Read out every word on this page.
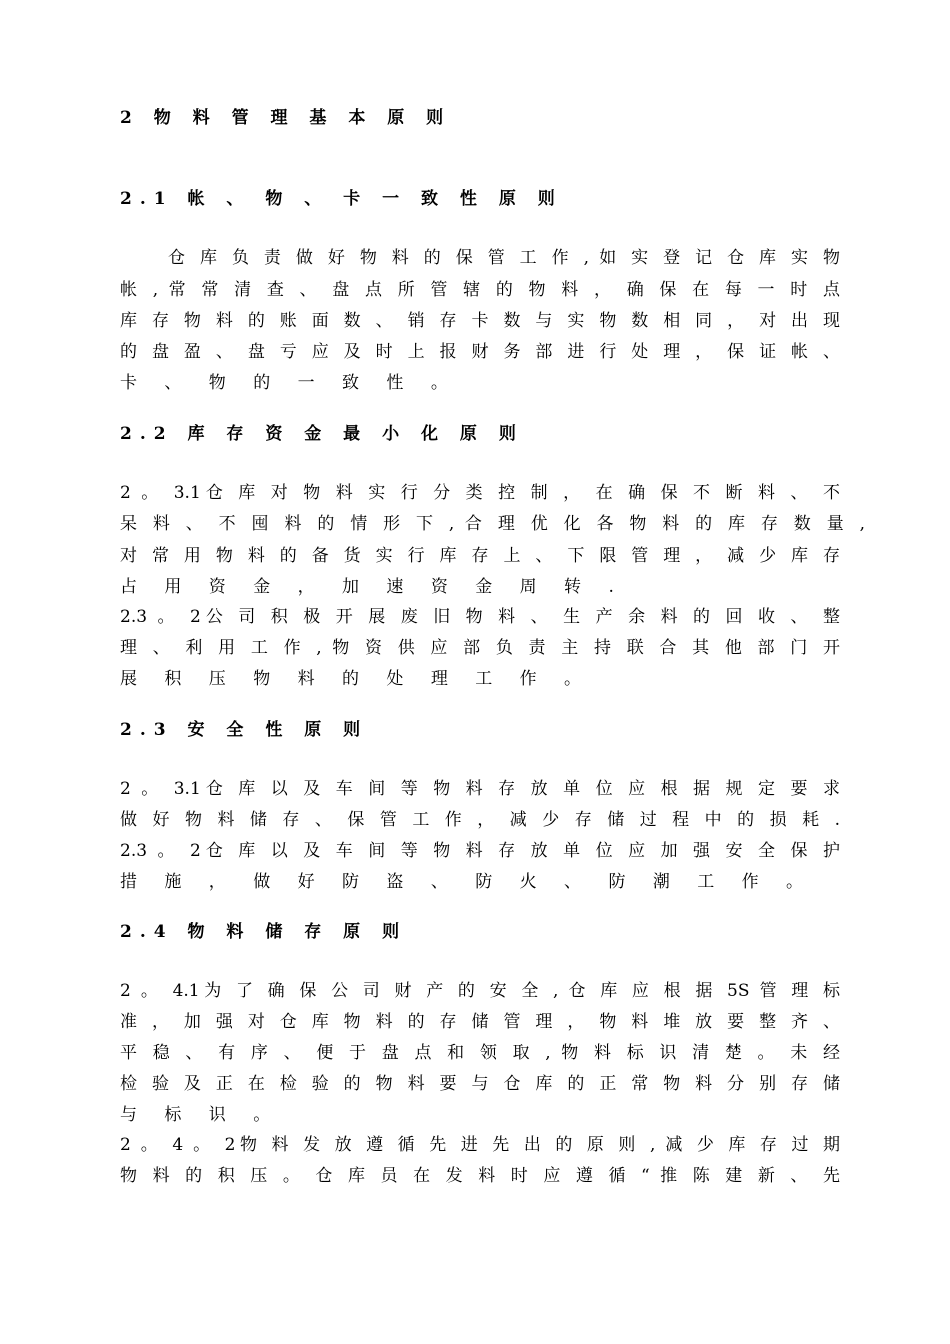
2 物 料 管 理 基 本 原 则
2.1 帐 、 物 、 卡 一 致 性 原 则
仓 库 负 责 做 好 物 料 的 保 管 工 作 , 如 实 登 记 仓 库 实 物
帐 , 常 常 清 查 、 盘 点 所 管 辖 的 物 料 ， 确 保 在 每 一 时 点
库 存 物 料 的 账 面 数 、 销 存 卡 数 与 实 物 数 相 同 ， 对 出 现
的 盘 盈 、 盘 亏 应 及 时 上 报 财 务 部 进 行 处 理 ， 保 证 帐 、
卡 、 物 的 一 致 性 。
2.2 库 存 资 金 最 小 化 原 则
2 。 3.1仓 库 对 物 料 实 行 分 类 控 制 ， 在 确 保 不 断 料 、 不
呆 料 、 不 囤 料 的 情 形 下 , 合 理 优 化 各 物 料 的 库 存 数 量 ,
对 常 用 物 料 的 备 货 实 行 库 存 上 、 下 限 管 理 ， 减 少 库 存
占 用 资 金 ， 加 速 资 金 周 转 .
2.3 。 2公 司 积 极 开 展 废 旧 物 料 、 生 产 余 料 的 回 收 、 整
理 、 利 用 工 作 , 物 资 供 应 部 负 责 主 持 联 合 其 他 部 门 开
展 积 压 物 料 的 处 理 工 作 。
2.3 安 全 性 原 则
2 。 3.1仓 库 以 及 车 间 等 物 料 存 放 单 位 应 根 据 规 定 要 求
做 好 物 料 储 存 、 保 管 工 作 ， 减 少 存 储 过 程 中 的 损 耗 .
2.3 。 2仓 库 以 及 车 间 等 物 料 存 放 单 位 应 加 强 安 全 保 护
措 施 ， 做 好 防 盗 、 防 火 、 防 潮 工 作 。
2.4 物 料 储 存 原 则
2 。 4.1为 了 确 保 公 司 财 产 的 安 全 , 仓 库 应 根 据 5S 管 理 标
准 ， 加 强 对 仓 库 物 料 的 存 储 管 理 ， 物 料 堆 放 要 整 齐 、
平 稳 、 有 序 、 便 于 盘 点 和 领 取 , 物 料 标 识 清 楚 。 未 经
检 验 及 正 在 检 验 的 物 料 要 与 仓 库 的 正 常 物 料 分 别 存 储
与 标 识 。
2 。 4 。 2物 料 发 放 遵 循 先 进 先 出 的 原 则 , 减 少 库 存 过 期
物 料 的 积 压 。 仓 库 员 在 发 料 时 应 遵 循 “ 推 陈 建 新 、 先
